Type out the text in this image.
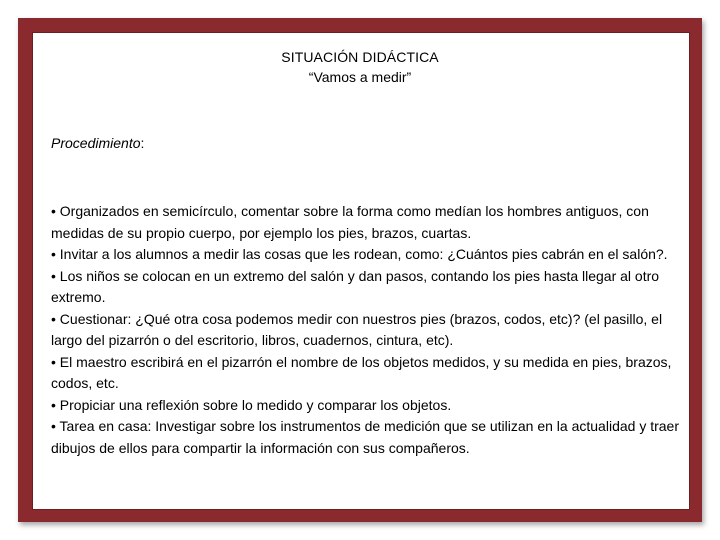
SITUACIÓN DIDÁCTICA
“Vamos a medir”
Procedimiento:

• Organizados en semicírculo, comentar sobre la forma como medían los hombres antiguos, con medidas de su propio cuerpo, por ejemplo los pies, brazos, cuartas.

• Invitar a los alumnos a medir las cosas que les rodean, como: ¿Cuántos pies cabrán en el salón?.

• Los niños se colocan en un extremo del salón y dan pasos, contando los pies hasta llegar al otro extremo.

• Cuestionar: ¿Qué otra cosa podemos medir con nuestros pies (brazos, codos, etc)? (el pasillo, el largo del pizarrón o del escritorio, libros, cuadernos, cintura, etc).

• El maestro escribirá en el pizarrón el nombre de los objetos medidos, y su medida en pies, brazos, codos, etc.

• Propiciar una reflexión sobre lo medido y comparar los objetos.

• Tarea en casa: Investigar sobre los instrumentos de medición que se utilizan en la actualidad y traer dibujos de ellos para compartir la información con sus compañeros.
